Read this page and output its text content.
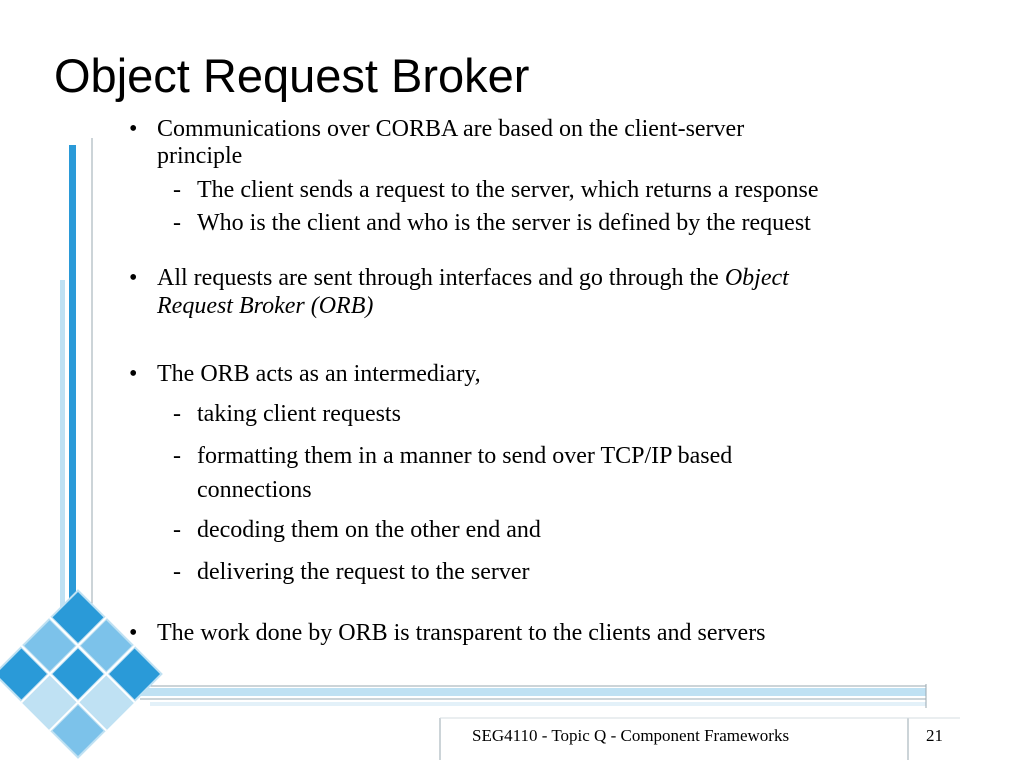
Object Request Broker
• Communications over CORBA are based on the client-server
principle
- The client sends a request to the server, which returns a response
- Who is the client and who is the server is defined by the request
• All requests are sent through interfaces and go through the Object
Request Broker (ORB)
• The ORB acts as an intermediary,
- taking client requests
- formatting them in a manner to send over TCP/IP based
connections
- decoding them on the other end and
- delivering the request to the server
• The work done by ORB is transparent to the clients and servers
SEG4110 - Topic Q - Component Frameworks	21
